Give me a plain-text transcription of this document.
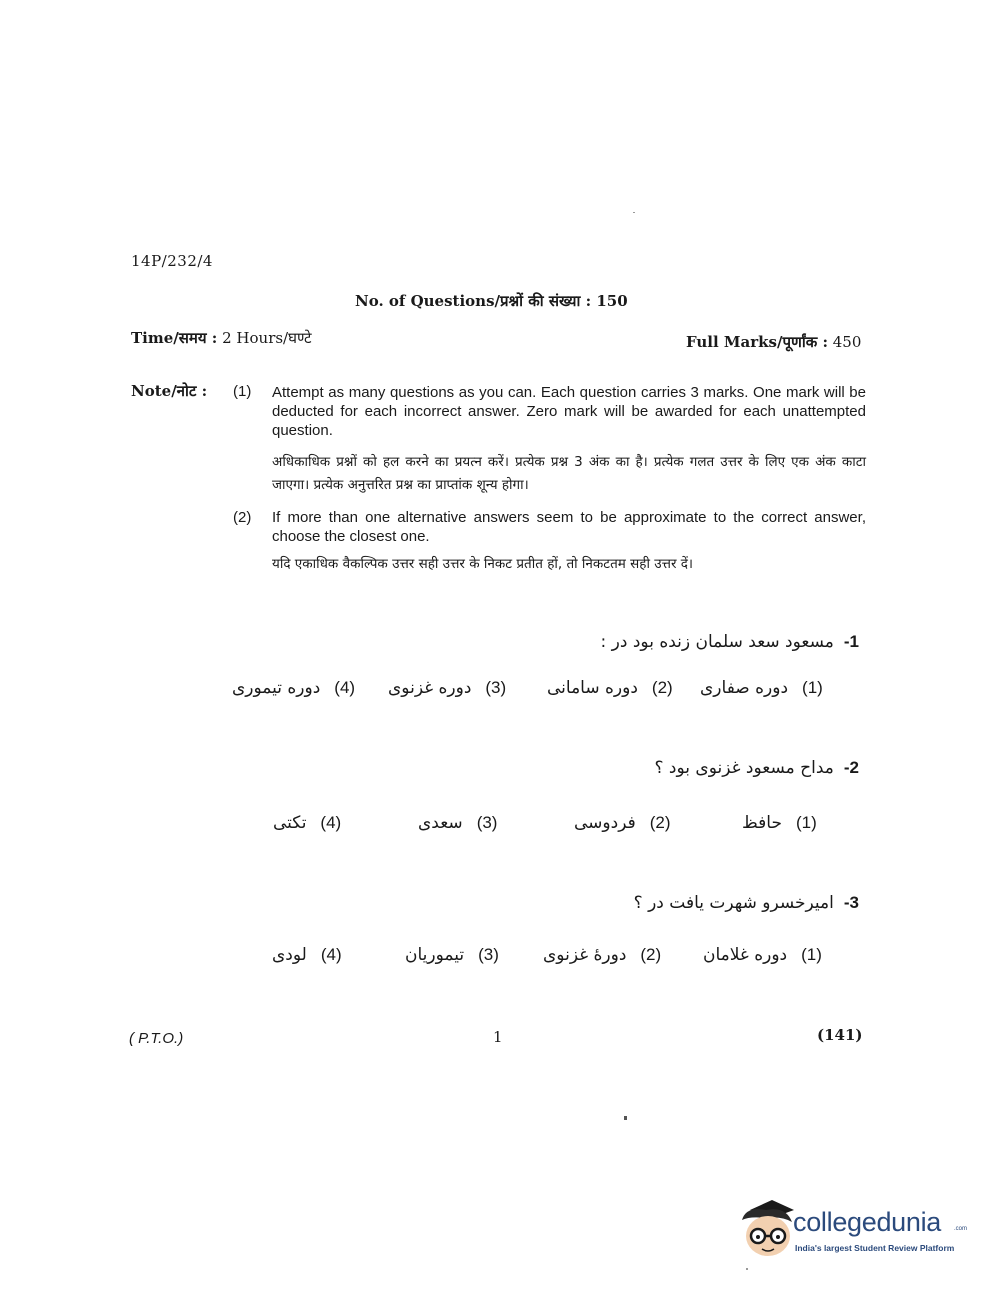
14P/232/4
No. of Questions/प्रश्नों की संख्या : 150
Time/समय : 2 Hours/घण्टे	Full Marks/पूर्णांक : 450
Note/नोट : (1) Attempt as many questions as you can. Each question carries 3 marks. One mark will be deducted for each incorrect answer. Zero mark will be awarded for each unattempted question.
अधिकाधिक प्रश्नों को हल करने का प्रयत्न करें। प्रत्येक प्रश्न 3 अंक का है। प्रत्येक गलत उत्तर के लिए एक अंक काटा जाएगा। प्रत्येक अनुत्तरित प्रश्न का प्राप्तांक शून्य होगा।
(2) If more than one alternative answers seem to be approximate to the correct answer, choose the closest one.
यदि एकाधिक वैकल्पिक उत्तर सही उत्तर के निकट प्रतीत हों, तो निकटतम सही उत्तर दें।
مسعود سعد سلمان زنده بود در : -1
دوره صفاری (1)
دوره سامانی (2)
دوره غزنوی (3)
دوره تیموری (4)
مداح مسعود غزنوی بود ؟ -2
حافظ (1)
فردوسی (2)
سعدی (3)
تکتی (4)
امیرخسرو شهرت یافت در ؟ -3
دوره غلامان (1)
دورهٔ غزنوی (2)
تیموریان (3)
لودی (4)
( P.T.O.)	1	(141)
collegedunia .com
India's largest Student Review Platform
